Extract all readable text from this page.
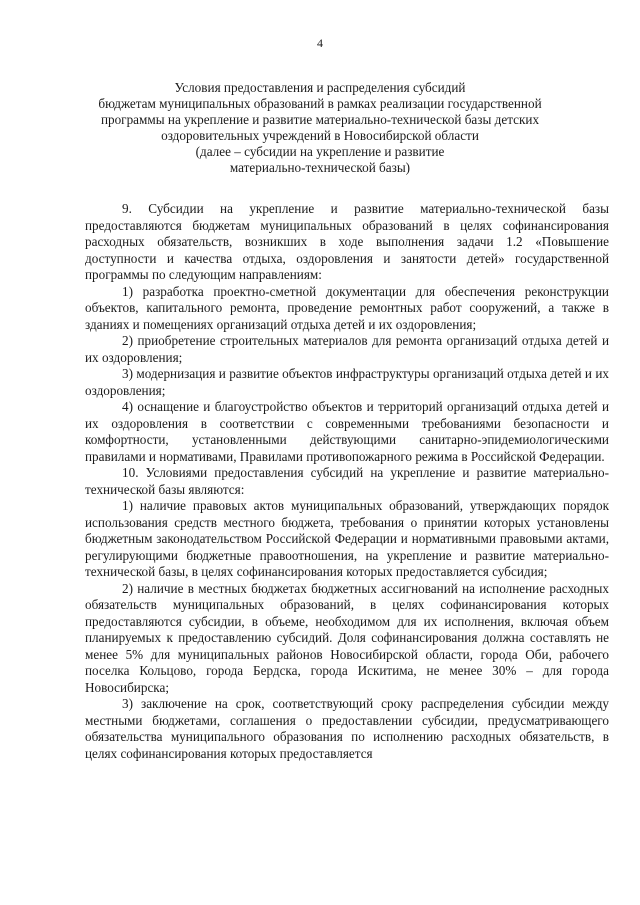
4
Условия предоставления и распределения субсидий
бюджетам муниципальных образований в рамках реализации государственной
программы на укрепление и развитие материально-технической базы детских
оздоровительных учреждений в Новосибирской области
(далее – субсидии на укрепление и развитие
материально-технической базы)

9. Субсидии на укрепление и развитие материально-технической базы предоставляются бюджетам муниципальных образований в целях софинансирования расходных обязательств, возникших в ходе выполнения задачи 1.2 «Повышение доступности и качества отдыха, оздоровления и занятости детей» государственной программы по следующим направлениям:

1) разработка проектно-сметной документации для обеспечения реконструкции объектов, капитального ремонта, проведение ремонтных работ сооружений, а также в зданиях и помещениях организаций отдыха детей и их оздоровления;

2) приобретение строительных материалов для ремонта организаций отдыха детей и их оздоровления;

3) модернизация и развитие объектов инфраструктуры организаций отдыха детей и их оздоровления;

4) оснащение и благоустройство объектов и территорий организаций отдыха детей и их оздоровления в соответствии с современными требованиями безопасности и комфортности, установленными действующими санитарно-эпидемиологическими правилами и нормативами, Правилами противопожарного режима в Российской Федерации.

10. Условиями предоставления субсидий на укрепление и развитие материально-технической базы являются:

1) наличие правовых актов муниципальных образований, утверждающих порядок использования средств местного бюджета, требования о принятии которых установлены бюджетным законодательством Российской Федерации и нормативными правовыми актами, регулирующими бюджетные правоотношения, на укрепление и развитие материально-технической базы, в целях софинансирования которых предоставляется субсидия;

2) наличие в местных бюджетах бюджетных ассигнований на исполнение расходных обязательств муниципальных образований, в целях софинансирования которых предоставляются субсидии, в объеме, необходимом для их исполнения, включая объем планируемых к предоставлению субсидий. Доля софинансирования должна составлять не менее 5% для муниципальных районов Новосибирской области, города Оби, рабочего поселка Кольцово, города Бердска, города Искитима, не менее 30% – для города Новосибирска;

3) заключение на срок, соответствующий сроку распределения субсидии между местными бюджетами, соглашения о предоставлении субсидии, предусматривающего обязательства муниципального образования по исполнению расходных обязательств, в целях софинансирования которых предоставляется
